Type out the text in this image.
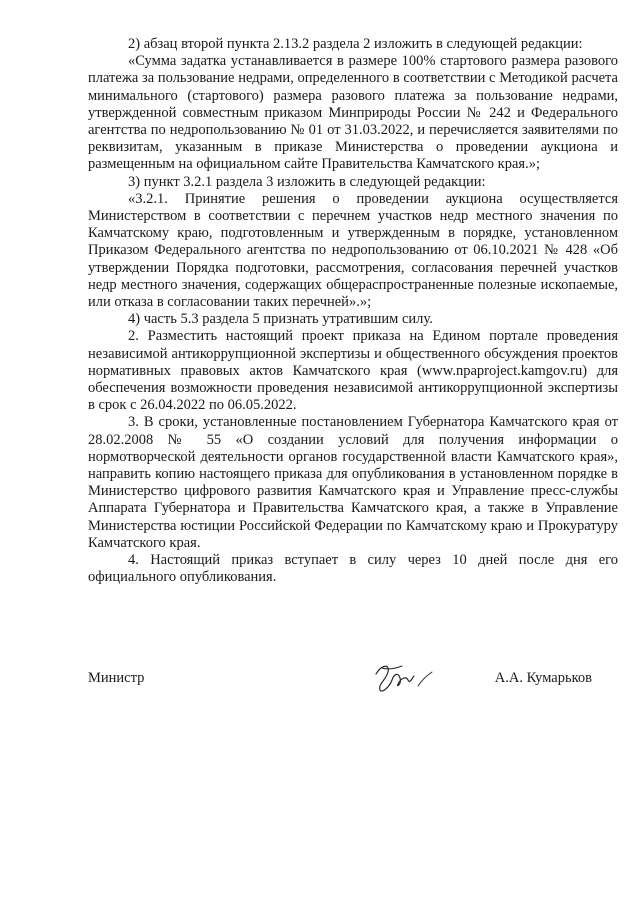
2) абзац второй пункта 2.13.2 раздела 2 изложить в следующей редакции:

«Сумма задатка устанавливается в размере 100% стартового размера разового платежа за пользование недрами, определенного в соответствии с Методикой расчета минимального (стартового) размера разового платежа за пользование недрами, утвержденной совместным приказом Минприроды России № 242 и Федерального агентства по недропользованию № 01 от 31.03.2022, и перечисляется заявителями по реквизитам, указанным в приказе Министерства о проведении аукциона и размещенным на официальном сайте Правительства Камчатского края.»;

3) пункт 3.2.1 раздела 3 изложить в следующей редакции:

«3.2.1. Принятие решения о проведении аукциона осуществляется Министерством в соответствии с перечнем участков недр местного значения по Камчатскому краю, подготовленным и утвержденным в порядке, установленном Приказом Федерального агентства по недропользованию от 06.10.2021 № 428 «Об утверждении Порядка подготовки, рассмотрения, согласования перечней участков недр местного значения, содержащих общераспространенные полезные ископаемые, или отказа в согласовании таких перечней».»;

4) часть 5.3 раздела 5 признать утратившим силу.

2. Разместить настоящий проект приказа на Едином портале проведения независимой антикоррупционной экспертизы и общественного обсуждения проектов нормативных правовых актов Камчатского края (www.npaproject.kamgov.ru) для обеспечения возможности проведения независимой антикоррупционной экспертизы в срок с 26.04.2022 по 06.05.2022.

3. В сроки, установленные постановлением Губернатора Камчатского края от 28.02.2008 № 55 «О создании условий для получения информации о нормотворческой деятельности органов государственной власти Камчатского края», направить копию настоящего приказа для опубликования в установленном порядке в Министерство цифрового развития Камчатского края и Управление пресс-службы Аппарата Губернатора и Правительства Камчатского края, а также в Управление Министерства юстиции Российской Федерации по Камчатскому краю и Прокуратуру Камчатского края.

4. Настоящий приказ вступает в силу через 10 дней после дня его официального опубликования.

Министр	А.А. Кумарьков
